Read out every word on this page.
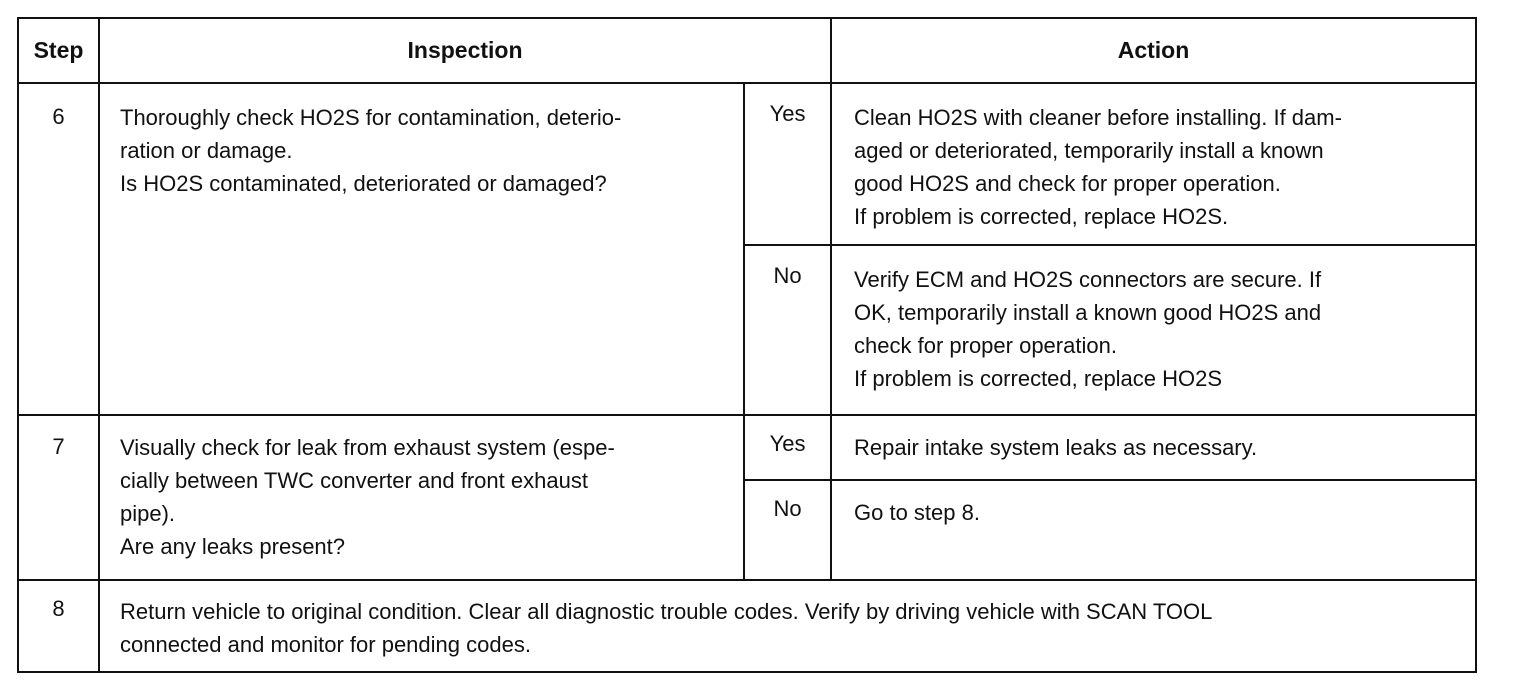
Step	Inspection		Action
6	Thoroughly check HO2S for contamination, deterio-
ration or damage.
Is HO2S contaminated, deteriorated or damaged?	Yes	Clean HO2S with cleaner before installing. If dam-
aged or deteriorated, temporarily install a known
good HO2S and check for proper operation.
If problem is corrected, replace HO2S.

		No	Verify ECM and HO2S connectors are secure. If
OK, temporarily install a known good HO2S and
check for proper operation.
If problem is corrected, replace HO2S

7	Visually check for leak from exhaust system (espe-
cially between TWC converter and front exhaust
pipe).
Are any leaks present?	Yes	Repair intake system leaks as necessary.

		No	Go to step 8.

8	Return vehicle to original condition. Clear all diagnostic trouble codes. Verify by driving vehicle with SCAN TOOL
connected and monitor for pending codes.		
